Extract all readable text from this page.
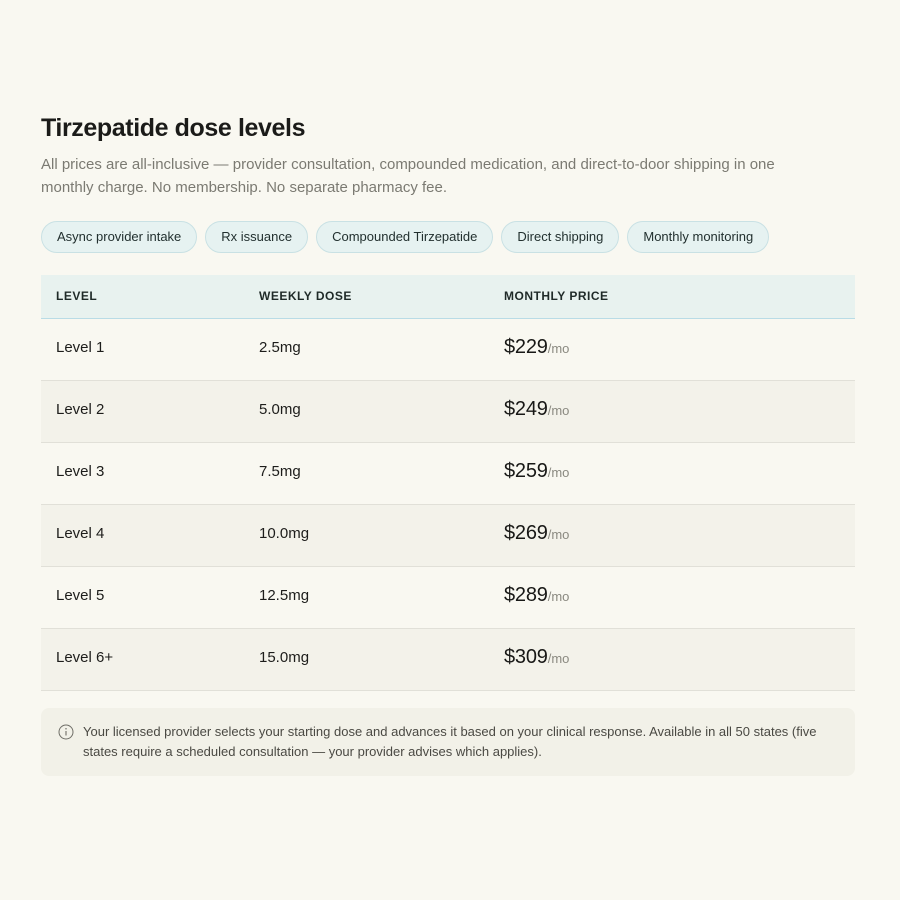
Tirzepatide dose levels

All prices are all-inclusive — provider consultation, compounded medication, and direct-to-door shipping in one monthly charge. No membership. No separate pharmacy fee.

Async provider intake	Rx issuance	Compounded Tirzepatide	Direct shipping	Monthly monitoring
LEVEL	WEEKLY DOSE	MONTHLY PRICE
Level 1	2.5mg	$229/mo
Level 2	5.0mg	$249/mo
Level 3	7.5mg	$259/mo
Level 4	10.0mg	$269/mo
Level 5	12.5mg	$289/mo
Level 6+	15.0mg	$309/mo
Your licensed provider selects your starting dose and advances it based on your clinical response. Available in all 50 states (five states require a scheduled consultation — your provider advises which applies).
